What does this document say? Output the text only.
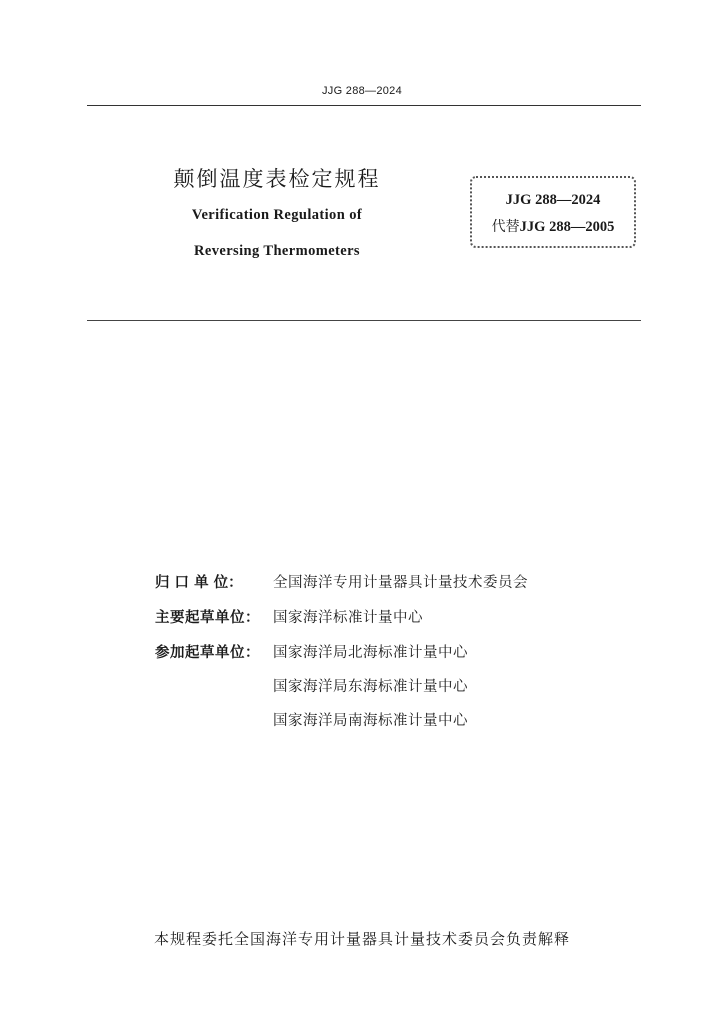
JJG 288—2024
颠倒温度表检定规程
Verification Regulation of
Reversing Thermometers
JJG 288—2024
代替JJG 288—2005
归 口 单 位： 全国海洋专用计量器具计量技术委员会
主要起草单位： 国家海洋标准计量中心
参加起草单位： 国家海洋局北海标准计量中心
国家海洋局东海标准计量中心
国家海洋局南海标准计量中心
本规程委托全国海洋专用计量器具计量技术委员会负责解释
